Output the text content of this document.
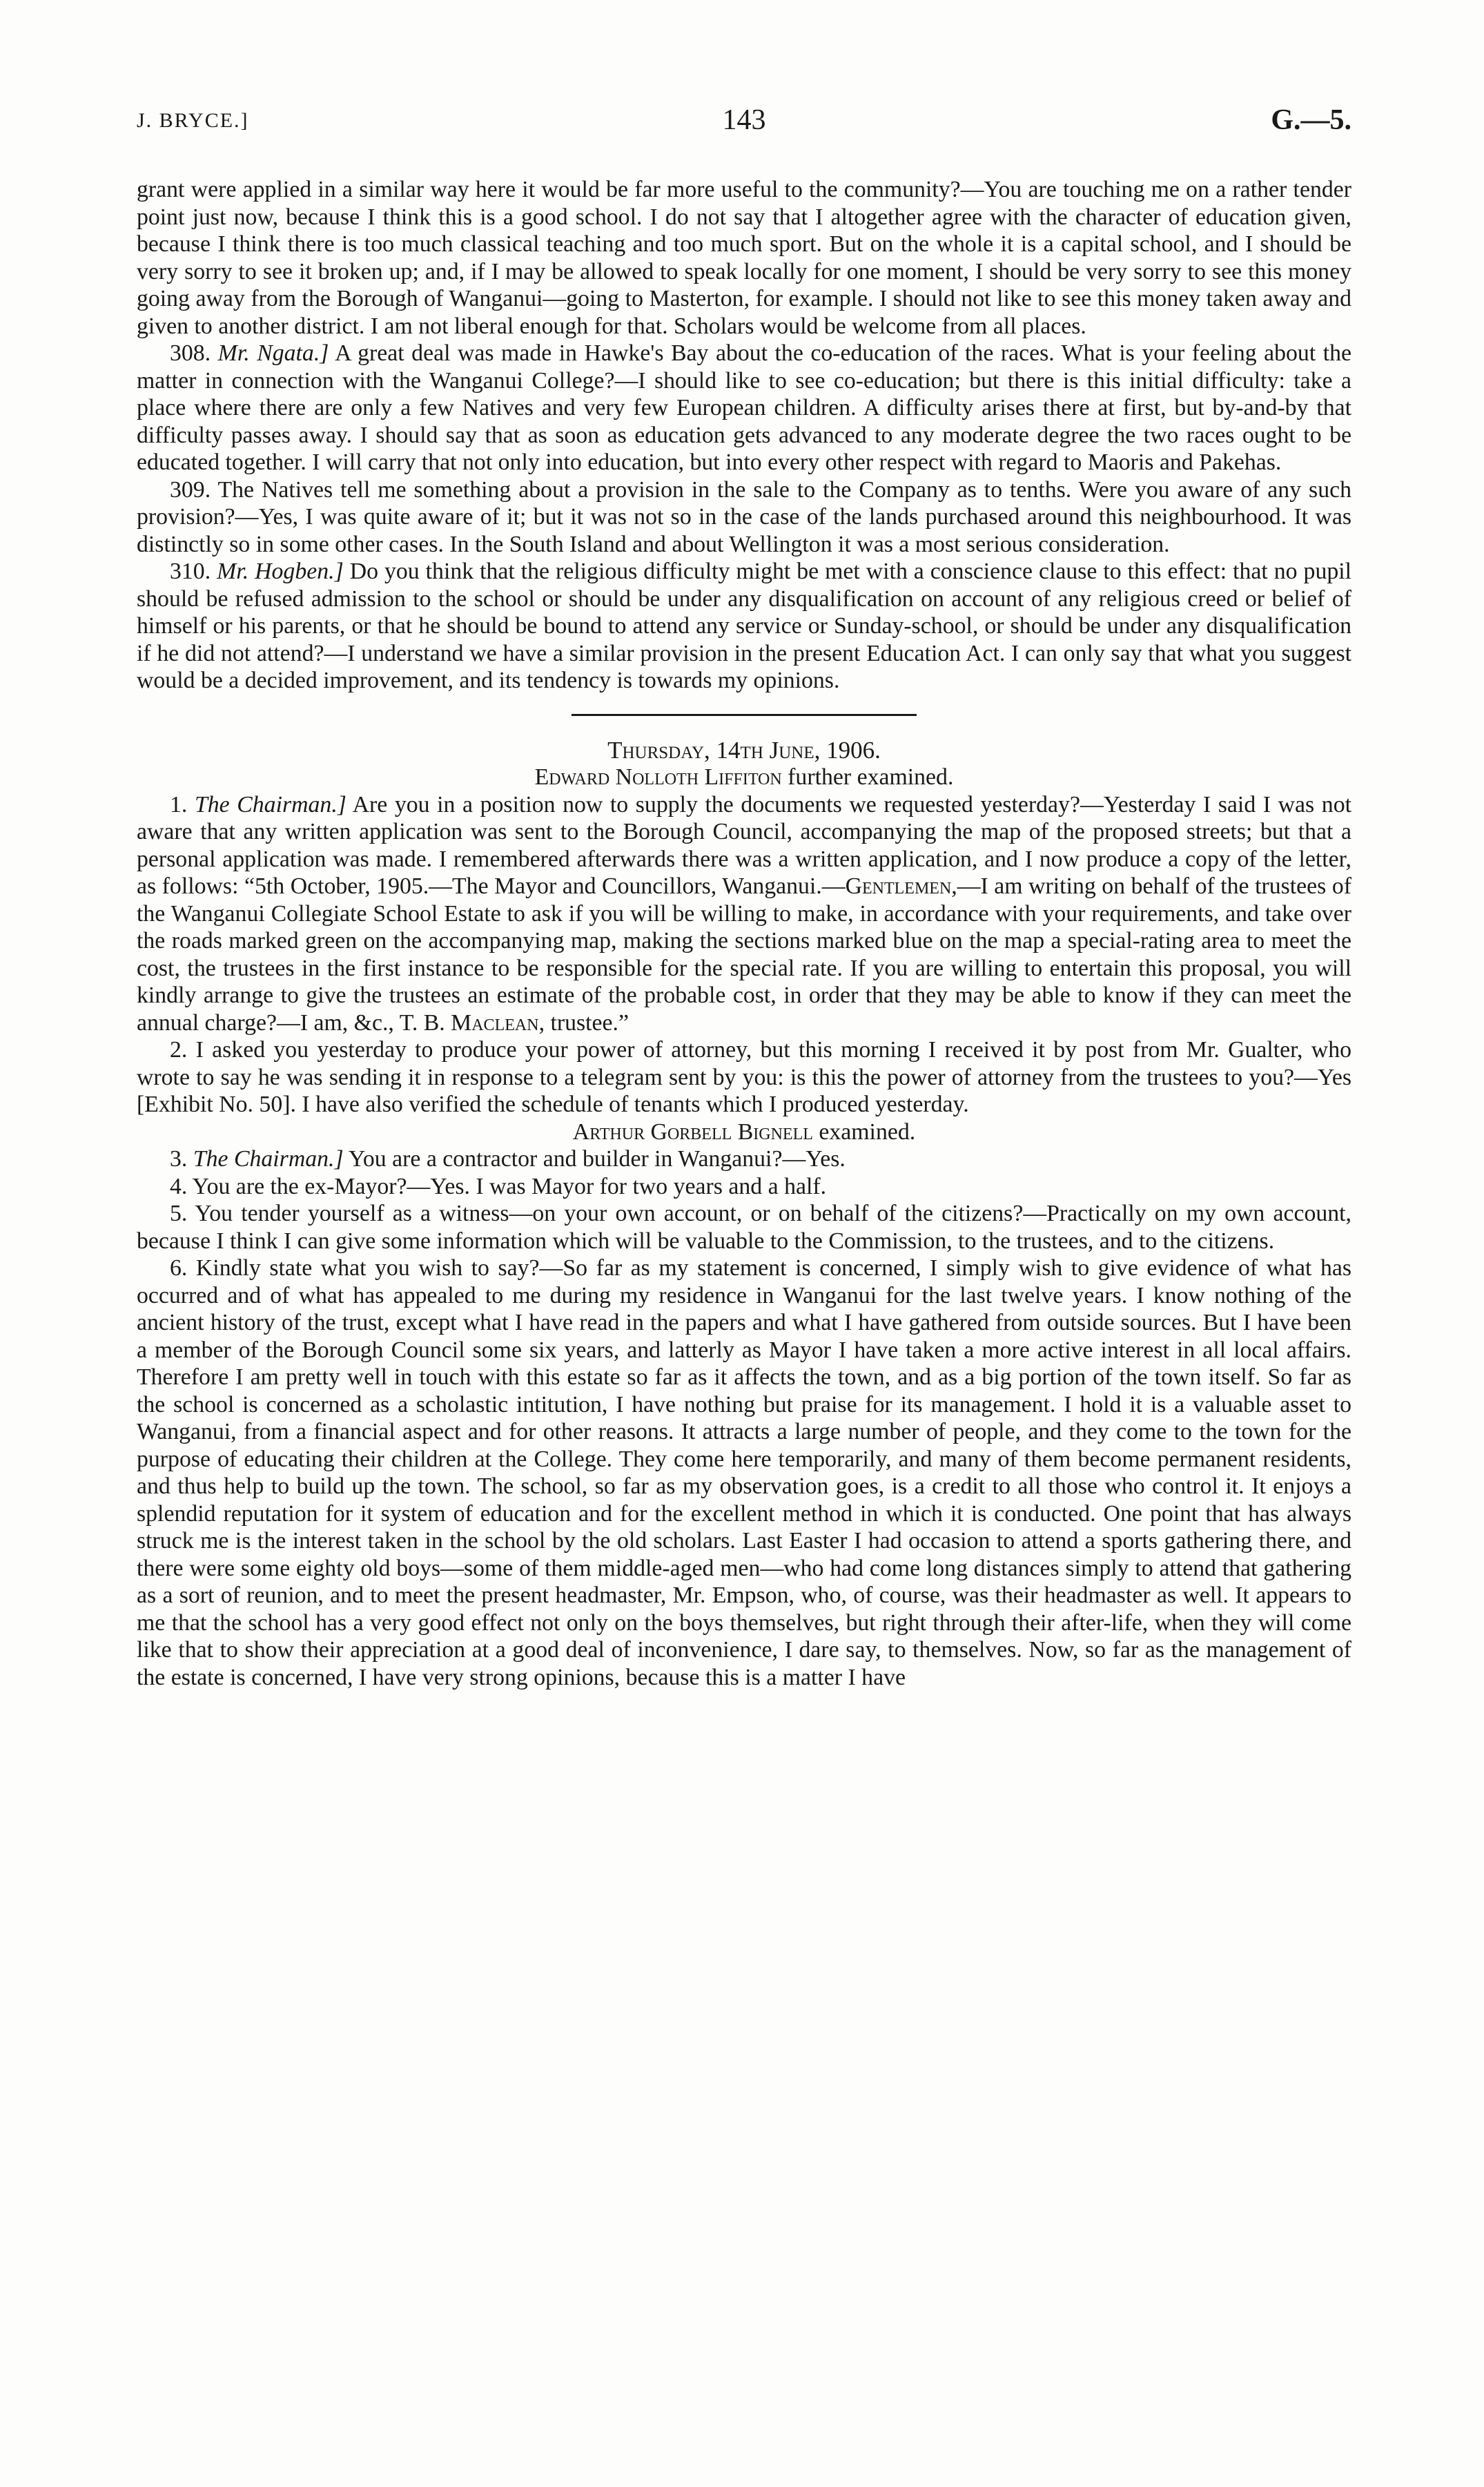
J. BRYCE.]	143	G.—5.

grant were applied in a similar way here it would be far more useful to the community?—You are touching me on a rather tender point just now, because I think this is a good school. I do not say that I altogether agree with the character of education given, because I think there is too much classical teaching and too much sport. But on the whole it is a capital school, and I should be very sorry to see it broken up; and, if I may be allowed to speak locally for one moment, I should be very sorry to see this money going away from the Borough of Wanganui—going to Masterton, for example. I should not like to see this money taken away and given to another district. I am not liberal enough for that. Scholars would be welcome from all places.

308. Mr. Ngata.] A great deal was made in Hawke's Bay about the co-education of the races. What is your feeling about the matter in connection with the Wanganui College?—I should like to see co-education; but there is this initial difficulty: take a place where there are only a few Natives and very few European children. A difficulty arises there at first, but by-and-by that difficulty passes away. I should say that as soon as education gets advanced to any moderate degree the two races ought to be educated together. I will carry that not only into education, but into every other respect with regard to Maoris and Pakehas.

309. The Natives tell me something about a provision in the sale to the Company as to tenths. Were you aware of any such provision?—Yes, I was quite aware of it; but it was not so in the case of the lands purchased around this neighbourhood. It was distinctly so in some other cases. In the South Island and about Wellington it was a most serious consideration.

310. Mr. Hogben.] Do you think that the religious difficulty might be met with a conscience clause to this effect: that no pupil should be refused admission to the school or should be under any disqualification on account of any religious creed or belief of himself or his parents, or that he should be bound to attend any service or Sunday-school, or should be under any disqualification if he did not attend?—I understand we have a similar provision in the present Education Act. I can only say that what you suggest would be a decided improvement, and its tendency is towards my opinions.

Thursday, 14th June, 1906.

Edward Nolloth Liffiton further examined.

1. The Chairman.] Are you in a position now to supply the documents we requested yesterday?—Yesterday I said I was not aware that any written application was sent to the Borough Council, accompanying the map of the proposed streets; but that a personal application was made. I remembered afterwards there was a written application, and I now produce a copy of the letter, as follows: “5th October, 1905.—The Mayor and Councillors, Wanganui.—Gentlemen,—I am writing on behalf of the trustees of the Wanganui Collegiate School Estate to ask if you will be willing to make, in accordance with your requirements, and take over the roads marked green on the accompanying map, making the sections marked blue on the map a special-rating area to meet the cost, the trustees in the first instance to be responsible for the special rate. If you are willing to entertain this proposal, you will kindly arrange to give the trustees an estimate of the probable cost, in order that they may be able to know if they can meet the annual charge?—I am, &c., T. B. Maclean, trustee.”

2. I asked you yesterday to produce your power of attorney, but this morning I received it by post from Mr. Gualter, who wrote to say he was sending it in response to a telegram sent by you: is this the power of attorney from the trustees to you?—Yes [Exhibit No. 50]. I have also verified the schedule of tenants which I produced yesterday.

Arthur Gorbell Bignell examined.

3. The Chairman.] You are a contractor and builder in Wanganui?—Yes.

4. You are the ex-Mayor?—Yes. I was Mayor for two years and a half.

5. You tender yourself as a witness—on your own account, or on behalf of the citizens?—Practically on my own account, because I think I can give some information which will be valuable to the Commission, to the trustees, and to the citizens.

6. Kindly state what you wish to say?—So far as my statement is concerned, I simply wish to give evidence of what has occurred and of what has appealed to me during my residence in Wanganui for the last twelve years. I know nothing of the ancient history of the trust, except what I have read in the papers and what I have gathered from outside sources. But I have been a member of the Borough Council some six years, and latterly as Mayor I have taken a more active interest in all local affairs. Therefore I am pretty well in touch with this estate so far as it affects the town, and as a big portion of the town itself. So far as the school is concerned as a scholastic intitution, I have nothing but praise for its management. I hold it is a valuable asset to Wanganui, from a financial aspect and for other reasons. It attracts a large number of people, and they come to the town for the purpose of educating their children at the College. They come here temporarily, and many of them become permanent residents, and thus help to build up the town. The school, so far as my observation goes, is a credit to all those who control it. It enjoys a splendid reputation for it system of education and for the excellent method in which it is conducted. One point that has always struck me is the interest taken in the school by the old scholars. Last Easter I had occasion to attend a sports gathering there, and there were some eighty old boys—some of them middle-aged men—who had come long distances simply to attend that gathering as a sort of reunion, and to meet the present headmaster, Mr. Empson, who, of course, was their headmaster as well. It appears to me that the school has a very good effect not only on the boys themselves, but right through their after-life, when they will come like that to show their appreciation at a good deal of inconvenience, I dare say, to themselves. Now, so far as the management of the estate is concerned, I have very strong opinions, because this is a matter I have
